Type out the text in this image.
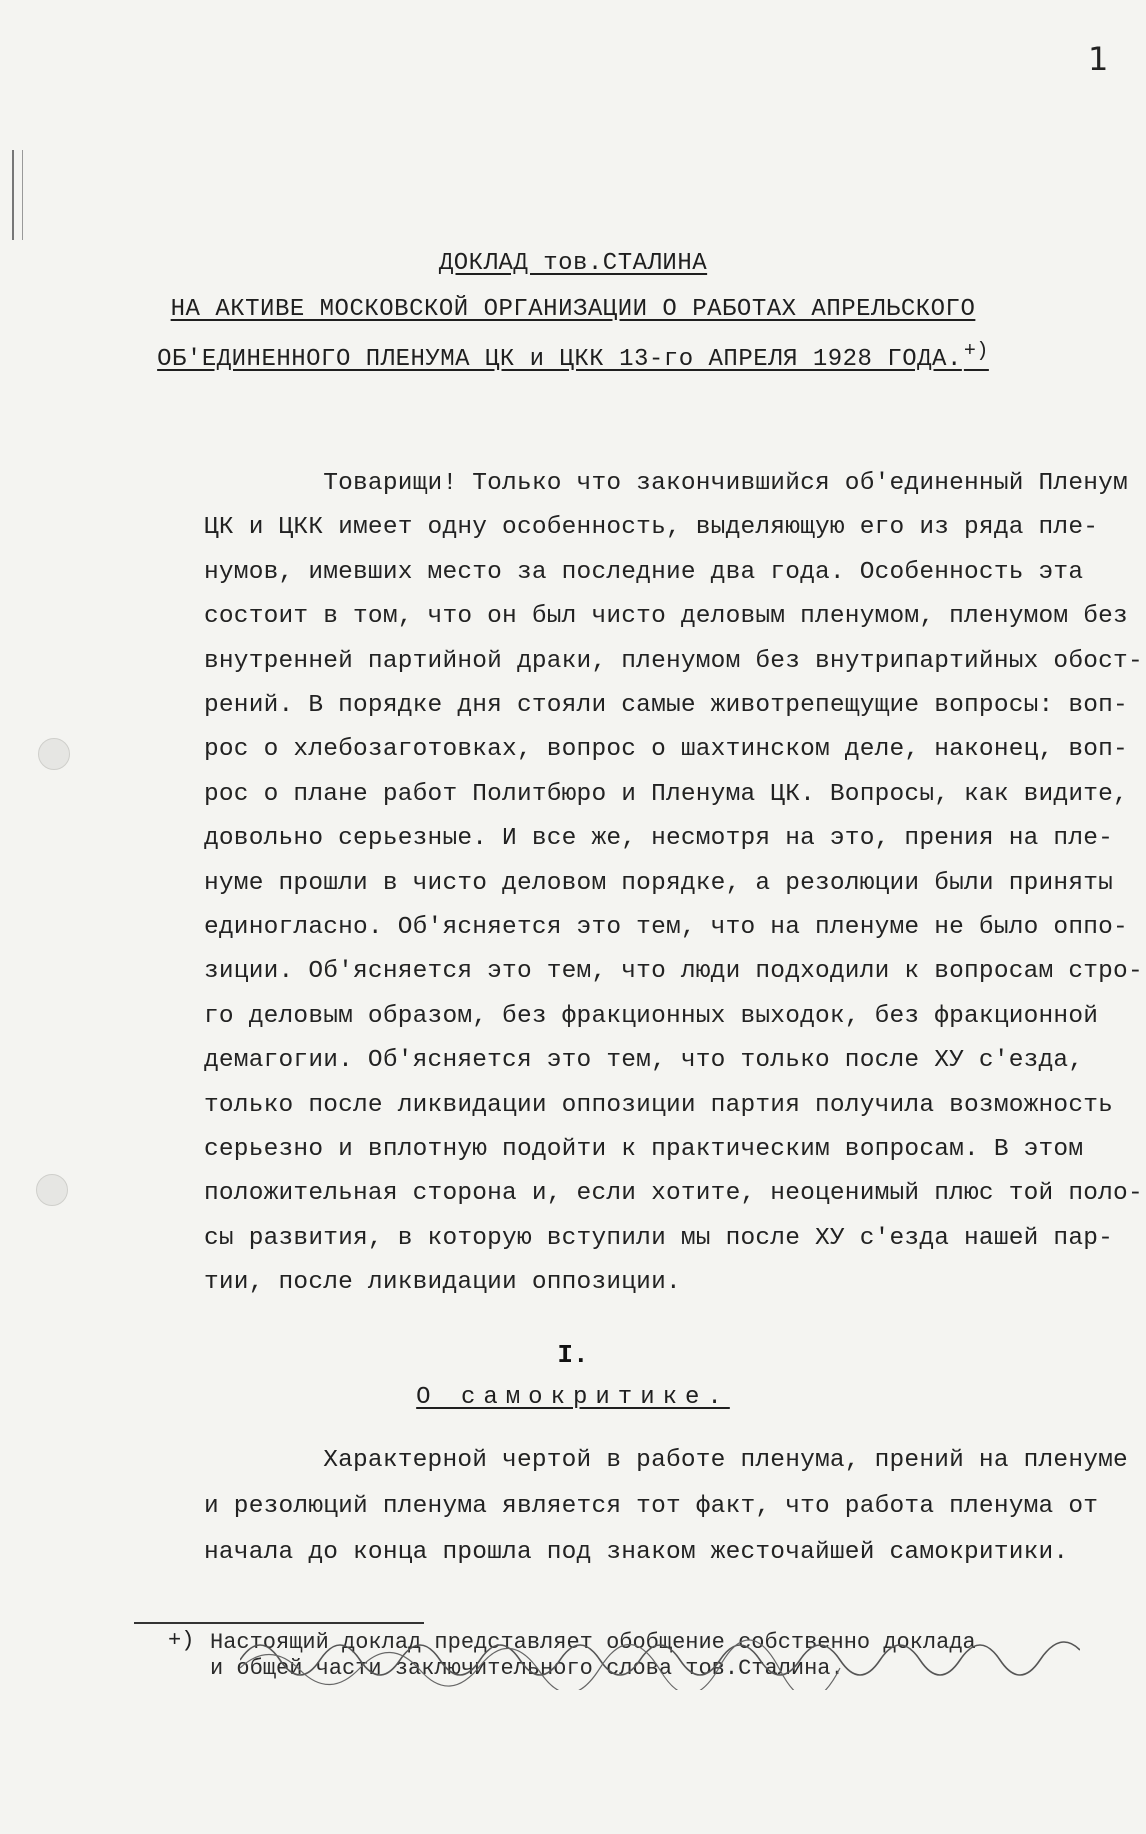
1
ДОКЛАД тов.СТАЛИНА
НА АКТИВЕ МОСКОВСКОЙ ОРГАНИЗАЦИИ О РАБОТАХ АПРЕЛЬСКОГО
ОБ'ЕДИНЕННОГО ПЛЕНУМА ЦК и ЦКК 13-го АПРЕЛЯ 1928 ГОДА. +)
Товарищи! Только что закончившийся об'единенный Пленум
ЦК и ЦКК имеет одну особенность, выделяющую его из ряда пле-
нумов, имевших место за последние два года. Особенность эта
состоит в том, что он был чисто деловым пленумом, пленумом без
внутренней партийной драки, пленумом без внутрипартийных обост-
рений. В порядке дня стояли самые животрепещущие вопросы: воп-
рос о хлебозаготовках, вопрос о шахтинском деле, наконец, воп-
рос о плане работ Политбюро и Пленума ЦК. Вопросы, как видите,
довольно серьезные. И все же, несмотря на это, прения на пле-
нуме прошли в чисто деловом порядке, а резолюции были приняты
единогласно. Об'ясняется это тем, что на пленуме не было оппо-
зиции. Об'ясняется это тем, что люди подходили к вопросам стро-
го деловым образом, без фракционных выходок, без фракционной
демагогии. Об'ясняется это тем, что только после ХУ с'езда,
только после ликвидации оппозиции партия получила возможность
серьезно и вплотную подойти к практическим вопросам. В этом
положительная сторона и, если хотите, неоценимый плюс той поло-
сы развития, в которую вступили мы после ХУ с'езда нашей пар-
тии, после ликвидации оппозиции.
I.
О самокритике.
Характерной чертой в работе пленума, прений на пленуме
и резолюций пленума является тот факт, что работа пленума от
начала до конца прошла под знаком жесточайшей самокритики.
+) Настоящий доклад представляет обобщение собственно доклада
и общей части заключительного слова тов.Сталина.
